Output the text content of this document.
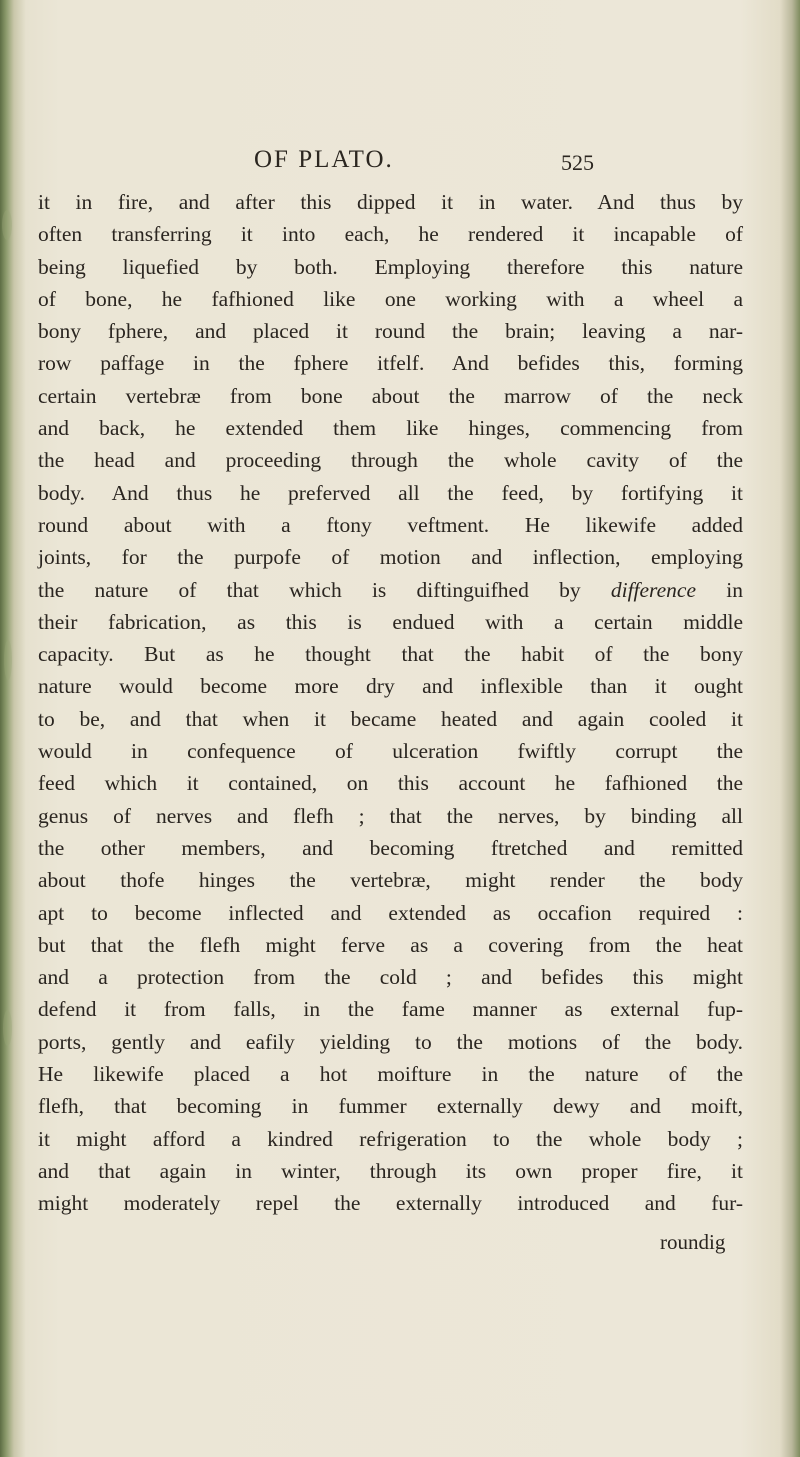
OF PLATO.	525
it in fire, and after this dipped it in water. And thus by
often transferring it into each, he rendered it incapable of
being liquefied by both. Employing therefore this nature
of bone, he fafhioned like one working with a wheel a
bony fphere, and placed it round the brain; leaving a nar-
row paffage in the fphere itfelf. And befides this, forming
certain vertebræ from bone about the marrow of the neck
and back, he extended them like hinges, commencing from
the head and proceeding through the whole cavity of the
body. And thus he preferved all the feed, by fortifying it
round about with a ftony veftment. He likewife added
joints, for the purpofe of motion and inflection, employing
the nature of that which is diftinguifhed by difference in
their fabrication, as this is endued with a certain middle
capacity. But as he thought that the habit of the bony
nature would become more dry and inflexible than it ought
to be, and that when it became heated and again cooled it
would in confequence of ulceration fwiftly corrupt the
feed which it contained, on this account he fafhioned the
genus of nerves and flefh ; that the nerves, by binding all
the other members, and becoming ftretched and remitted
about thofe hinges the vertebræ, might render the body
apt to become inflected and extended as occafion required :
but that the flefh might ferve as a covering from the heat
and a protection from the cold ; and befides this might
defend it from falls, in the fame manner as external fup-
ports, gently and eafily yielding to the motions of the body.
He likewife placed a hot moifture in the nature of the
flefh, that becoming in fummer externally dewy and moift,
it might afford a kindred refrigeration to the whole body ;
and that again in winter, through its own proper fire, it
might moderately repel the externally introduced and fur-
roundig
